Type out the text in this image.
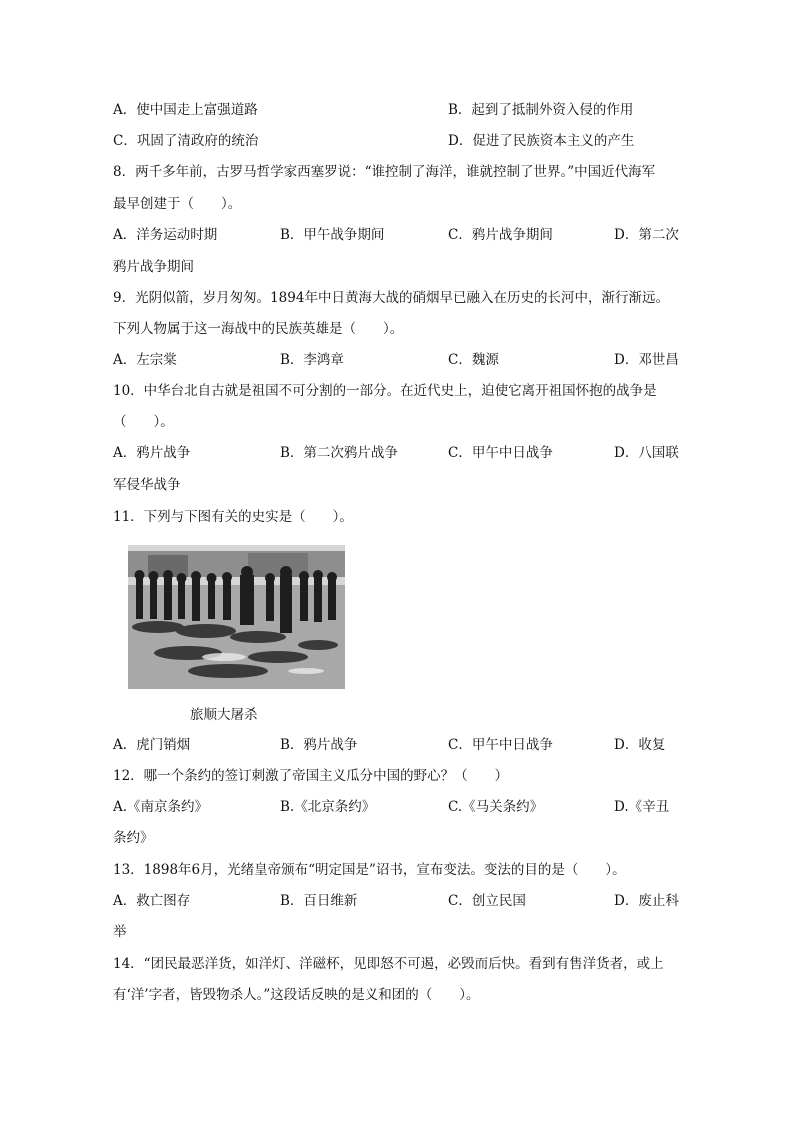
A．使中国走上富强道路	B．起到了抵制外资入侵的作用
C．巩固了清政府的统治	D．促进了民族资本主义的产生
8．两千多年前，古罗马哲学家西塞罗说：“谁控制了海洋，谁就控制了世界。”中国近代海军
最早创建于（　　）。
A．洋务运动时期	B．甲午战争期间	C．鸦片战争期间	D．第二次
鸦片战争期间
9．光阴似箭，岁月匆匆。1894年中日黄海大战的硝烟早已融入在历史的长河中，渐行渐远。
下列人物属于这一海战中的民族英雄是（　　）。
A．左宗棠	B．李鸿章	C．魏源	D．邓世昌
10．中华台北自古就是祖国不可分割的一部分。在近代史上，迫使它离开祖国怀抱的战争是
（　　）。
A．鸦片战争	B．第二次鸦片战争	C．甲午中日战争	D．八国联
军侵华战争
11．下列与下图有关的史实是（　　）。
旅顺大屠杀
A．虎门销烟	B．鸦片战争	C．甲午中日战争	D．收复
12．哪一个条约的签订刺激了帝国主义瓜分中国的野心？（　　）
A.《南京条约》	B.《北京条约》	C.《马关条约》	D.《辛丑
条约》
13．1898年6月，光绪皇帝颁布“明定国是”诏书，宣布变法。变法的目的是（　　）。
A．救亡图存	B．百日维新	C．创立民国	D．废止科
举
14．“团民最恶洋货，如洋灯、洋磁杯，见即怒不可遏，必毁而后快。看到有售洋货者，或上
有‘洋’字者，皆毁物杀人。”这段话反映的是义和团的（　　）。
